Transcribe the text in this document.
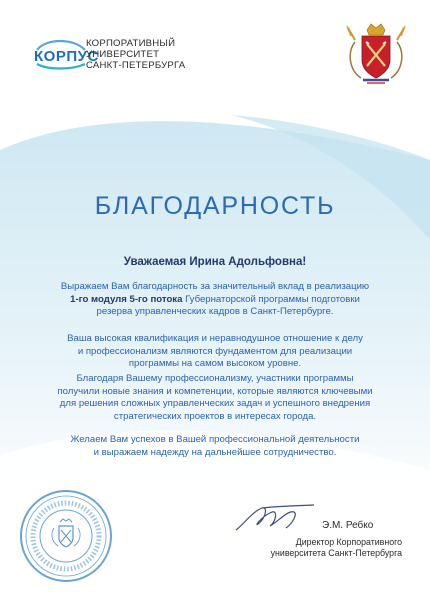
КОРПУС
КОРПОРАТИВНЫЙ
УНИВЕРСИТЕТ
САНКТ-ПЕТЕРБУРГА
БЛАГОДАРНОСТЬ
Уважаемая Ирина Адольфовна!

Выражаем Вам благодарность за значительный вклад в реализацию
1-го модуля 5-го потока Губернаторской программы подготовки
резерва управленческих кадров в Санкт-Петербурге.

Ваша высокая квалификация и неравнодушное отношение к делу
и профессионализм являются фундаментом для реализации
программы на самом высоком уровне.

Благодаря Вашему профессионализму, участники программы
получили новые знания и компетенции, которые являются ключевыми
для решения сложных управленческих задач и успешного внедрения
стратегических проектов в интересах города.

Желаем Вам успехов в Вашей профессиональной деятельности
и выражаем надежду на дальнейшее сотрудничество.

Э.М. Ребко
Директор Корпоративного
университета Санкт-Петербурга
